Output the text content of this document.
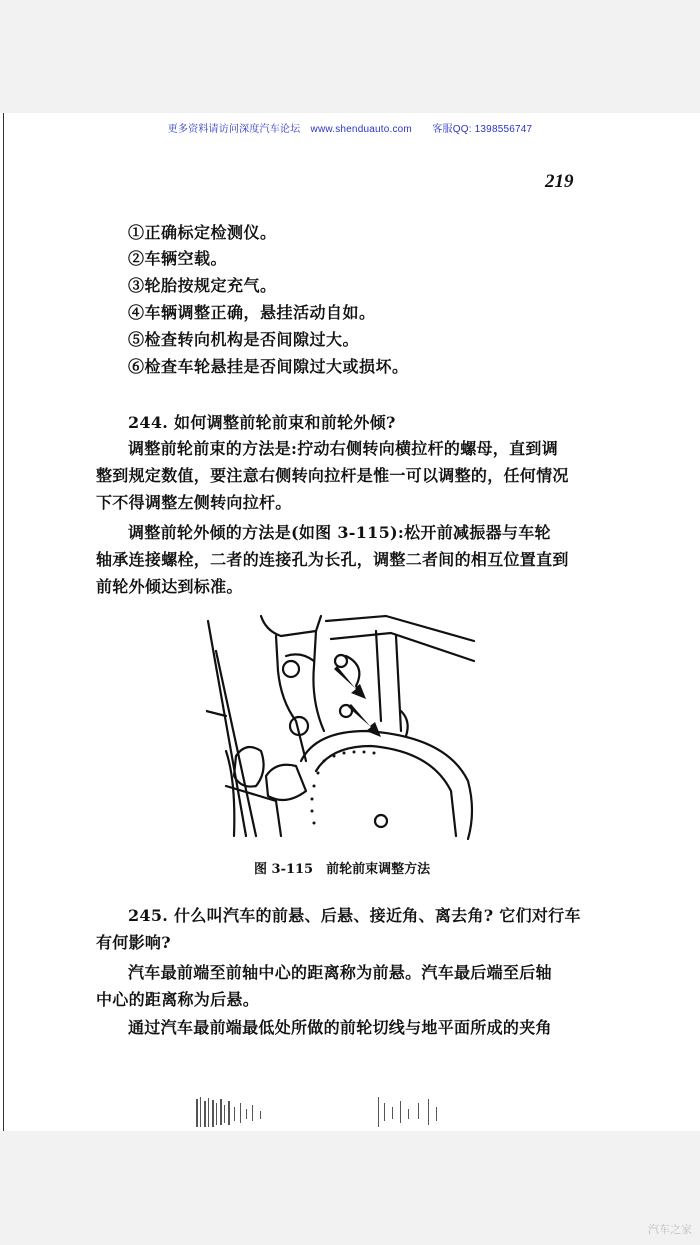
更多资料请访问深度汽车论坛　www.shenduauto.com　　客服QQ: 1398556747
219
①正确标定检测仪。
②车辆空载。
③轮胎按规定充气。
④车辆调整正确，悬挂活动自如。
⑤检查转向机构是否间隙过大。
⑥检查车轮悬挂是否间隙过大或损坏。
244. 如何调整前轮前束和前轮外倾?
调整前轮前束的方法是:拧动右侧转向横拉杆的螺母，直到调
整到规定数值，要注意右侧转向拉杆是惟一可以调整的，任何情况
下不得调整左侧转向拉杆。
调整前轮外倾的方法是(如图 3-115):松开前减振器与车轮
轴承连接螺栓，二者的连接孔为长孔，调整二者间的相互位置直到
前轮外倾达到标准。
图 3-115　前轮前束调整方法
245. 什么叫汽车的前悬、后悬、接近角、离去角? 它们对行车
有何影响?
汽车最前端至前轴中心的距离称为前悬。汽车最后端至后轴
中心的距离称为后悬。
通过汽车最前端最低处所做的前轮切线与地平面所成的夹角
汽车之家
